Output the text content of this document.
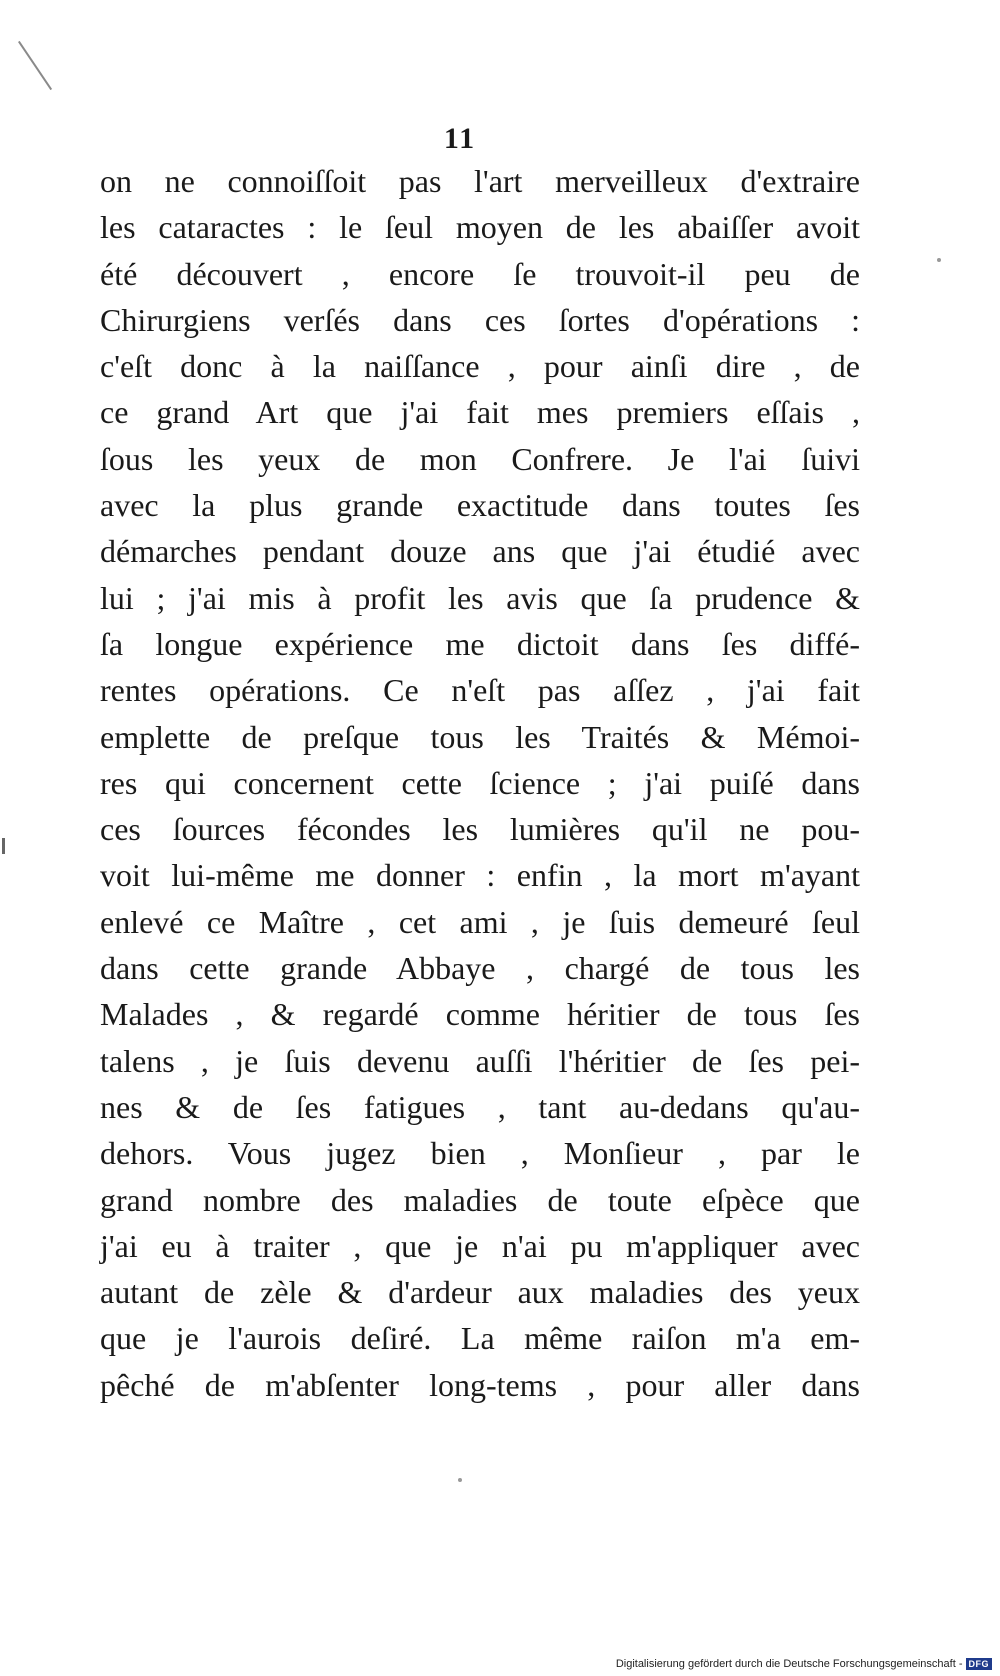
11
on ne connoiſſoit pas l'art merveilleux d'extraire
les cataractes : le ſeul moyen de les abaiſſer avoit
été découvert , encore ſe trouvoit-il peu de
Chirurgiens verſés dans ces ſortes d'opérations :
c'eſt donc à la naiſſance , pour ainſi dire , de
ce grand Art que j'ai fait mes premiers eſſais ,
ſous les yeux de mon Confrere. Je l'ai ſuivi
avec la plus grande exactitude dans toutes ſes
démarches pendant douze ans que j'ai étudié avec
lui ; j'ai mis à profit les avis que ſa prudence &
ſa longue expérience me dictoit dans ſes diffé-
rentes opérations. Ce n'eſt pas aſſez , j'ai fait
emplette de preſque tous les Traités & Mémoi-
res qui concernent cette ſcience ; j'ai puiſé dans
ces ſources fécondes les lumières qu'il ne pou-
voit lui-même me donner : enfin , la mort m'ayant
enlevé ce Maître , cet ami , je ſuis demeuré ſeul
dans cette grande Abbaye , chargé de tous les
Malades , & regardé comme héritier de tous ſes
talens , je ſuis devenu auſſi l'héritier de ſes pei-
nes & de ſes fatigues , tant au-dedans qu'au-
dehors. Vous jugez bien , Monſieur , par le
grand nombre des maladies de toute eſpèce que
j'ai eu à traiter , que je n'ai pu m'appliquer avec
autant de zèle & d'ardeur aux maladies des yeux
que je l'aurois deſiré. La même raiſon m'a em-
pêché de m'abſenter long-tems , pour aller dans
Digitalisierung gefördert durch die Deutsche Forschungsgemeinschaft - DFG
